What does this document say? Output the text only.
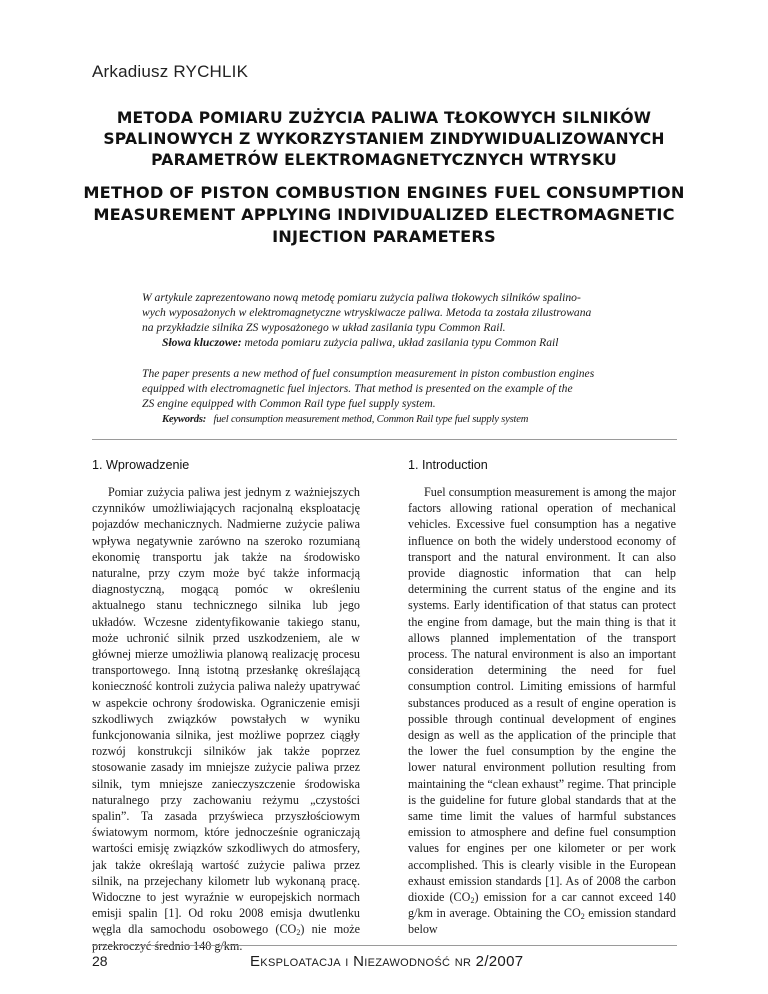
Arkadiusz RYCHLIK
METODA POMIARU ZUŻYCIA PALIWA TŁOKOWYCH SILNIKÓW
SPALINOWYCH Z WYKORZYSTANIEM ZINDYWIDUALIZOWANYCH
PARAMETRÓW ELEKTROMAGNETYCZNYCH WTRYSKU
METHOD OF PISTON COMBUSTION ENGINES FUEL CONSUMPTION
MEASUREMENT APPLYING INDIVIDUALIZED ELECTROMAGNETIC
INJECTION PARAMETERS
W artykule zaprezentowano nową metodę pomiaru zużycia paliwa tłokowych silników spalino-
wych wyposażonych w elektromagnetyczne wtryskiwacze paliwa. Metoda ta została zilustrowana
na przykładzie silnika ZS wyposażonego w układ zasilania typu Common Rail.
Słowa kluczowe: metoda pomiaru zużycia paliwa, układ zasilania typu Common Rail
The paper presents a new method of fuel consumption measurement in piston combustion engines
equipped with electromagnetic fuel injectors. That method is presented on the example of the
ZS engine equipped with Common Rail type fuel supply system.
Keywords: fuel consumption measurement method, Common Rail type fuel supply system
1. Wprowadzenie	1. Introduction

Pomiar zużycia paliwa jest jednym z ważniejszych czynników umożliwiających racjonalną eksploatację pojazdów mechanicznych. Nadmierne zużycie paliwa wpływa negatywnie zarówno na szeroko rozumianą ekonomię transportu jak także na środowisko naturalne, przy czym może być także informacją diagnostyczną, mogącą pomóc w określeniu aktualnego stanu technicznego silnika lub jego układów. Wczesne zidentyfikowanie takiego stanu, może uchronić silnik przed uszkodzeniem, ale w głównej mierze umożliwia planową realizację procesu transportowego. Inną istotną przesłankę określającą konieczność kontroli zużycia paliwa należy upatrywać w aspekcie ochrony środowiska. Ograniczenie emisji szkodliwych związków powstałych w wyniku funkcjonowania silnika, jest możliwe poprzez ciągły rozwój konstrukcji silników jak także poprzez stosowanie zasady im mniejsze zużycie paliwa przez silnik, tym mniejsze zanieczyszczenie środowiska naturalnego przy zachowaniu reżymu „czystości spalin”. Ta zasada przyświeca przyszłościowym światowym normom, które jednocześnie ograniczają wartości emisję związków szkodliwych do atmosfery, jak także określają wartość zużycie paliwa przez silnik, na przejechany kilometr lub wykonaną pracę. Widoczne to jest wyraźnie w europejskich normach emisji spalin [1]. Od roku 2008 emisja dwutlenku węgla dla samochodu osobowego $(CO_2)$ nie może przekroczyć średnio 140 g/km.

Fuel consumption measurement is among the major factors allowing rational operation of mechanical vehicles. Excessive fuel consumption has a negative influence on both the widely understood economy of transport and the natural environment. It can also provide diagnostic information that can help determining the current status of the engine and its systems. Early identification of that status can protect the engine from damage, but the main thing is that it allows planned implementation of the transport process. The natural environment is also an important consideration determining the need for fuel consumption control. Limiting emissions of harmful substances produced as a result of engine operation is possible through continual development of engines design as well as the application of the principle that the lower the fuel consumption by the engine the lower natural environment pollution resulting from maintaining the “clean exhaust” regime. That principle is the guideline for future global standards that at the same time limit the values of harmful substances emission to atmosphere and define fuel consumption values for engines per one kilometer or per work accomplished. This is clearly visible in the European exhaust emission standards [1]. As of 2008 the carbon dioxide $(CO_2)$ emission for a car cannot exceed 140 g/km in average. Obtaining the $CO_2$ emission standard below

28	Eksploatacja i Niezawodność nr 2/2007
